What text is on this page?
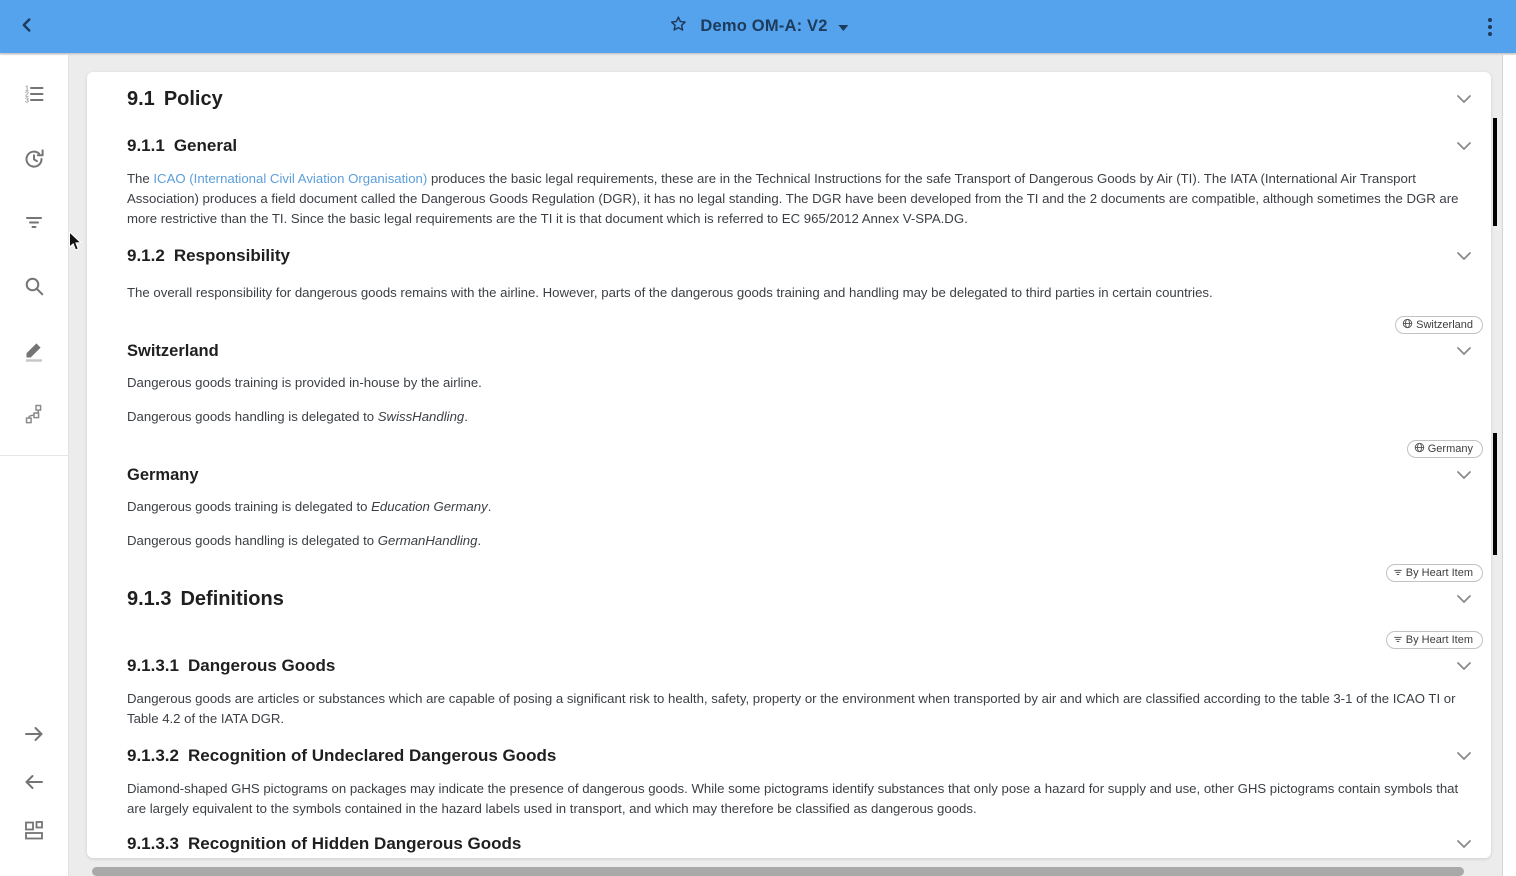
Demo OM-A: V2
1
2
3	9.1 Policy
9.1.1 General

The ICAO (International Civil Aviation Organisation) produces the basic legal requirements, these are in the Technical Instructions for the safe Transport of Dangerous Goods by Air (TI). The IATA (International Air Transport Association) produces a field document called the Dangerous Goods Regulation (DGR), it has no legal standing. The DGR have been developed from the TI and the 2 documents are compatible, although sometimes the DGR are more restrictive than the TI. Since the basic legal requirements are the TI it is that document which is referred to EC 965/2012 Annex V-SPA.DG.

9.1.2 Responsibility

The overall responsibility for dangerous goods remains with the airline. However, parts of the dangerous goods training and handling may be delegated to third parties in certain countries.

Switzerland
Switzerland

Dangerous goods training is provided in-house by the airline.

Dangerous goods handling is delegated to SwissHandling.

Germany
Germany

Dangerous goods training is delegated to Education Germany.

Dangerous goods handling is delegated to GermanHandling.

By Heart Item
9.1.3 Definitions
By Heart Item
9.1.3.1 Dangerous Goods

Dangerous goods are articles or substances which are capable of posing a significant risk to health, safety, property or the environment when transported by air and which are classified according to the table 3-1 of the ICAO TI or Table 4.2 of the IATA DGR.

9.1.3.2 Recognition of Undeclared Dangerous Goods

Diamond-shaped GHS pictograms on packages may indicate the presence of dangerous goods. While some pictograms identify substances that only pose a hazard for supply and use, other GHS pictograms contain symbols that are largely equivalent to the symbols contained in the hazard labels used in transport, and which may therefore be classified as dangerous goods.

9.1.3.3 Recognition of Hidden Dangerous Goods
